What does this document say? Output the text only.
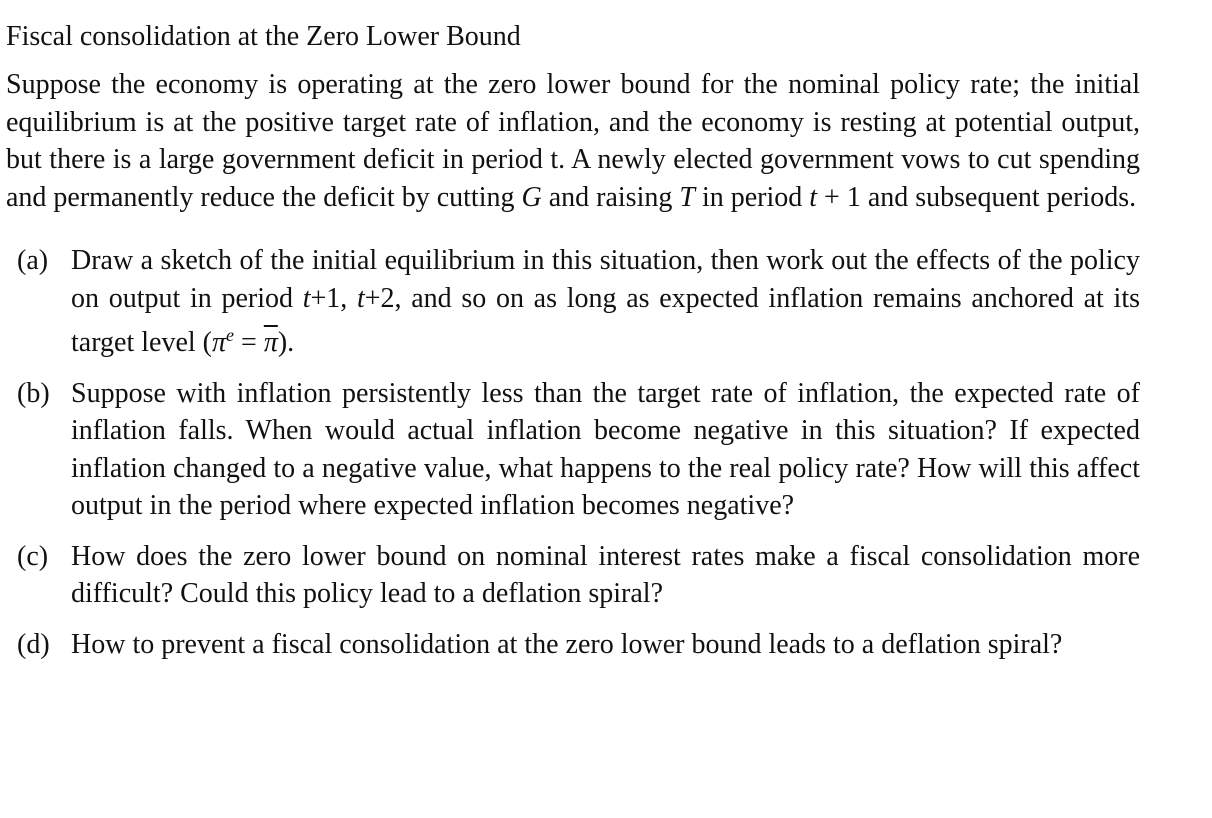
Fiscal consolidation at the Zero Lower Bound

Suppose the economy is operating at the zero lower bound for the nominal policy rate; the initial equilibrium is at the positive target rate of inflation, and the economy is resting at potential output, but there is a large government deficit in period t. A newly elected government vows to cut spending and permanently reduce the deficit by cutting G and raising T in period t + 1 and subsequent periods.

(a) Draw a sketch of the initial equilibrium in this situation, then work out the effects of the policy on output in period t+1, t+2, and so on as long as expected inflation remains anchored at its target level $(\pi^e = \overline{\pi})$.
(b) Suppose with inflation persistently less than the target rate of inflation, the expected rate of inflation falls. When would actual inflation become negative in this situation? If expected inflation changed to a negative value, what happens to the real policy rate? How will this affect output in the period where expected inflation becomes negative?
(c) How does the zero lower bound on nominal interest rates make a fiscal consolidation more difficult? Could this policy lead to a deflation spiral?
(d) How to prevent a fiscal consolidation at the zero lower bound leads to a deflation spiral?
